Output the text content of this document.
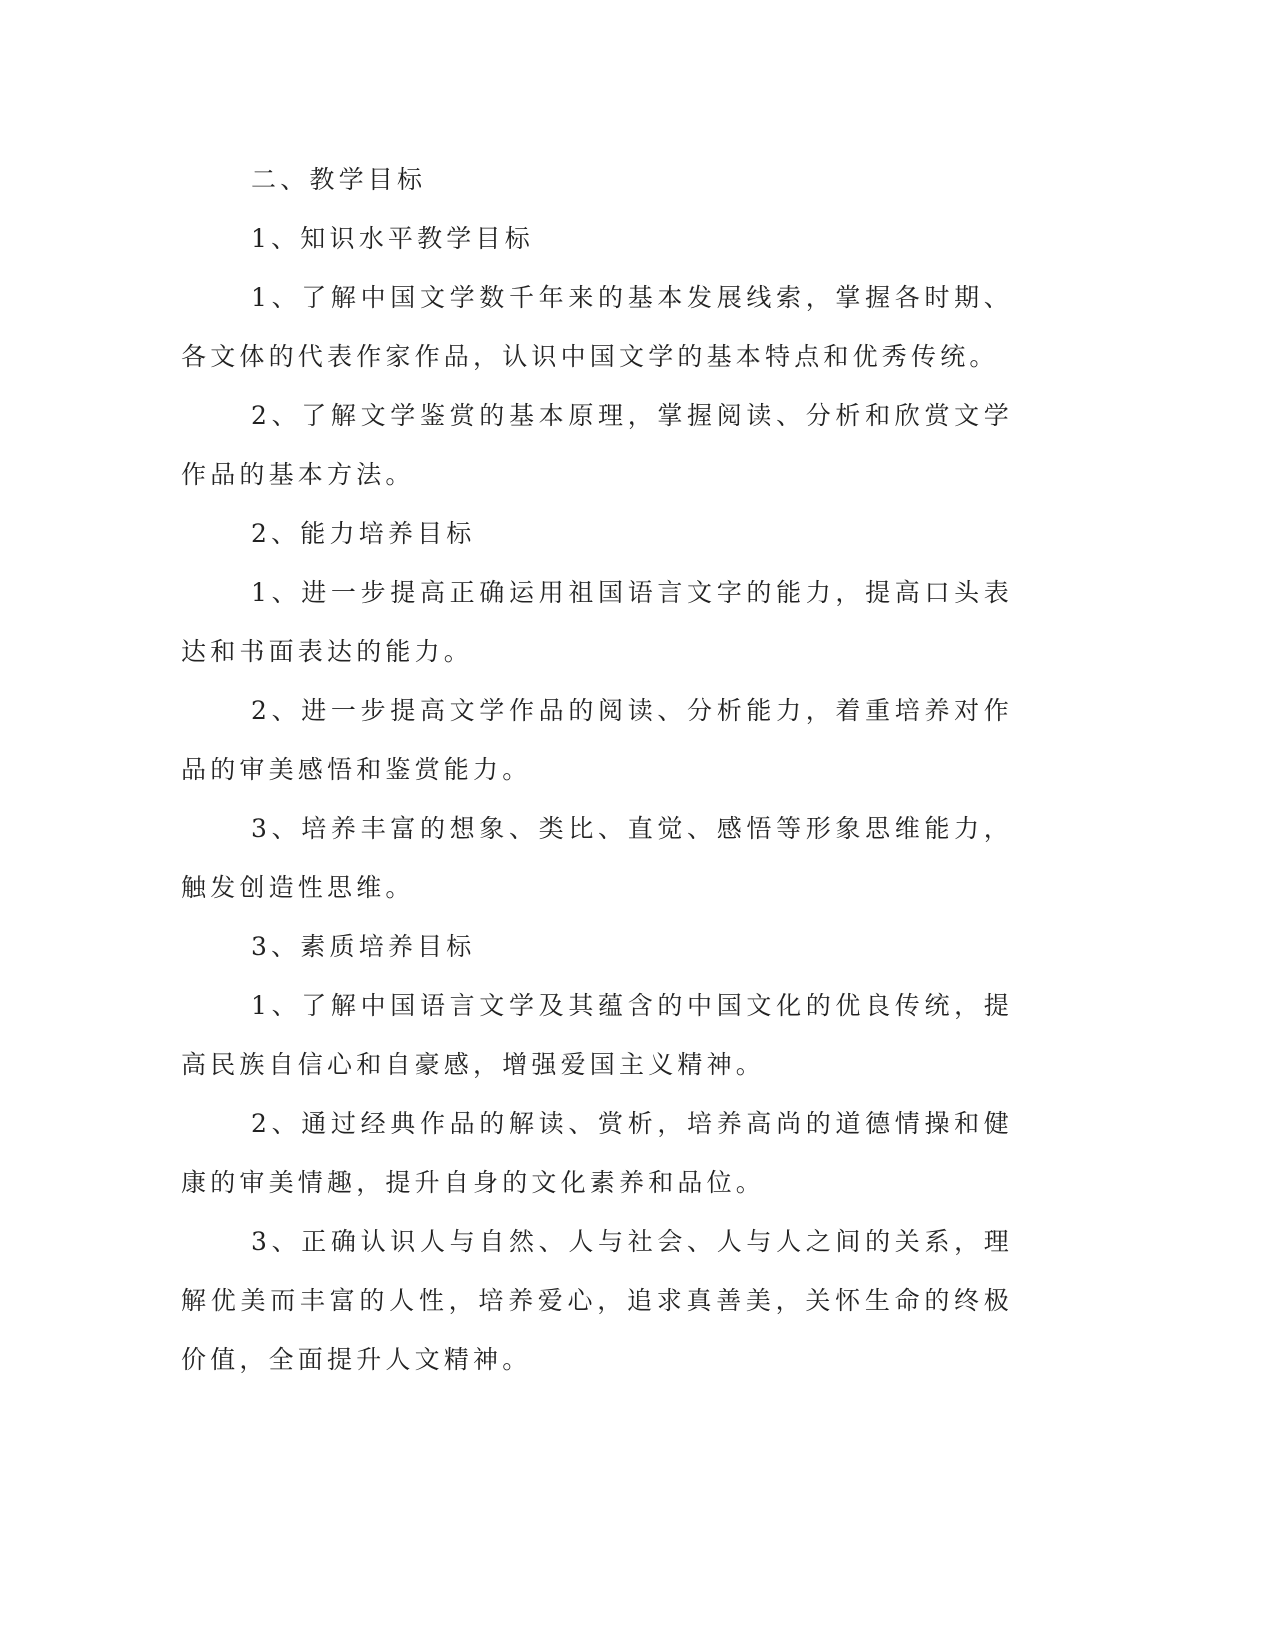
二、教学目标

1、知识水平教学目标

1、了解中国文学数千年来的基本发展线索，掌握各时期、各文体的代表作家作品，认识中国文学的基本特点和优秀传统。

2、了解文学鉴赏的基本原理，掌握阅读、分析和欣赏文学作品的基本方法。

2、能力培养目标

1、进一步提高正确运用祖国语言文字的能力，提高口头表达和书面表达的能力。

2、进一步提高文学作品的阅读、分析能力，着重培养对作品的审美感悟和鉴赏能力。

3、培养丰富的想象、类比、直觉、感悟等形象思维能力，触发创造性思维。

3、素质培养目标

1、了解中国语言文学及其蕴含的中国文化的优良传统，提高民族自信心和自豪感，增强爱国主义精神。

2、通过经典作品的解读、赏析，培养高尚的道德情操和健康的审美情趣，提升自身的文化素养和品位。

3、正确认识人与自然、人与社会、人与人之间的关系，理解优美而丰富的人性，培养爱心，追求真善美，关怀生命的终极价值，全面提升人文精神。
